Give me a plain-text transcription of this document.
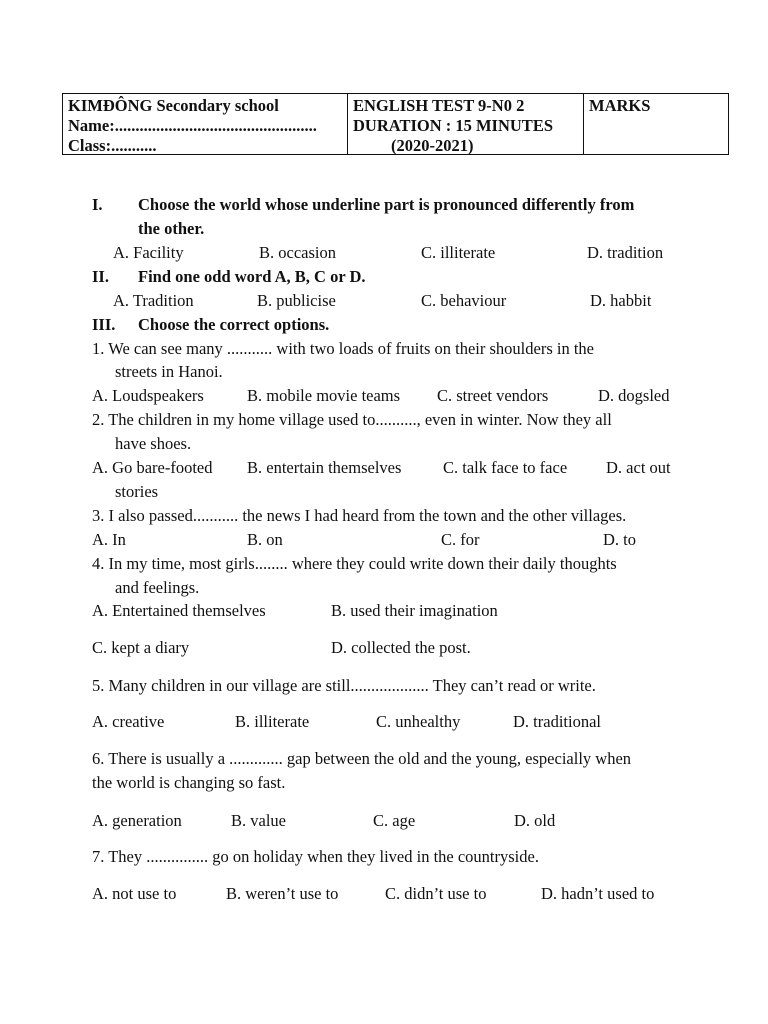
KIMĐÔNG Secondary school
Name:.................................................
Class:...........
ENGLISH TEST 9-N0 2
DURATION : 15 MINUTES
(2020-2021)
MARKS
I. Choose the world whose underline part is pronounced differently from
the other.
A. Facility	B. occasion	C. illiterate	D. tradition
II. Find one odd word A, B, C or D.
A. Tradition	B. publicise	C. behaviour	D. habbit
III. Choose the correct options.
1. We can see many ........... with two loads of fruits on their shoulders in the
streets in Hanoi.
A. Loudspeakers	B. mobile movie teams C. street vendors	D. dogsled
2. The children in my home village used to.........., even in winter. Now they all
have shoes.
A. Go bare-footed B. entertain themselves	C. talk face to face D. act out
stories
3. I also passed........... the news I had heard from the town and the other villages.
A. In	B. on	C. for	D. to
4. In my time, most girls........ where they could write down their daily thoughts
and feelings.
A. Entertained themselves	B. used their imagination
C. kept a diary	D. collected the post.
5. Many children in our village are still................... They can’t read or write.
A. creative	B. illiterate	C. unhealthy	D. traditional
6. There is usually a ............. gap between the old and the young, especially when
the world is changing so fast.
A. generation	B. value	C. age	D. old
7. They ............... go on holiday when they lived in the countryside.
A. not use to	B. weren’t use to	C. didn’t use to	D. hadn’t used to
